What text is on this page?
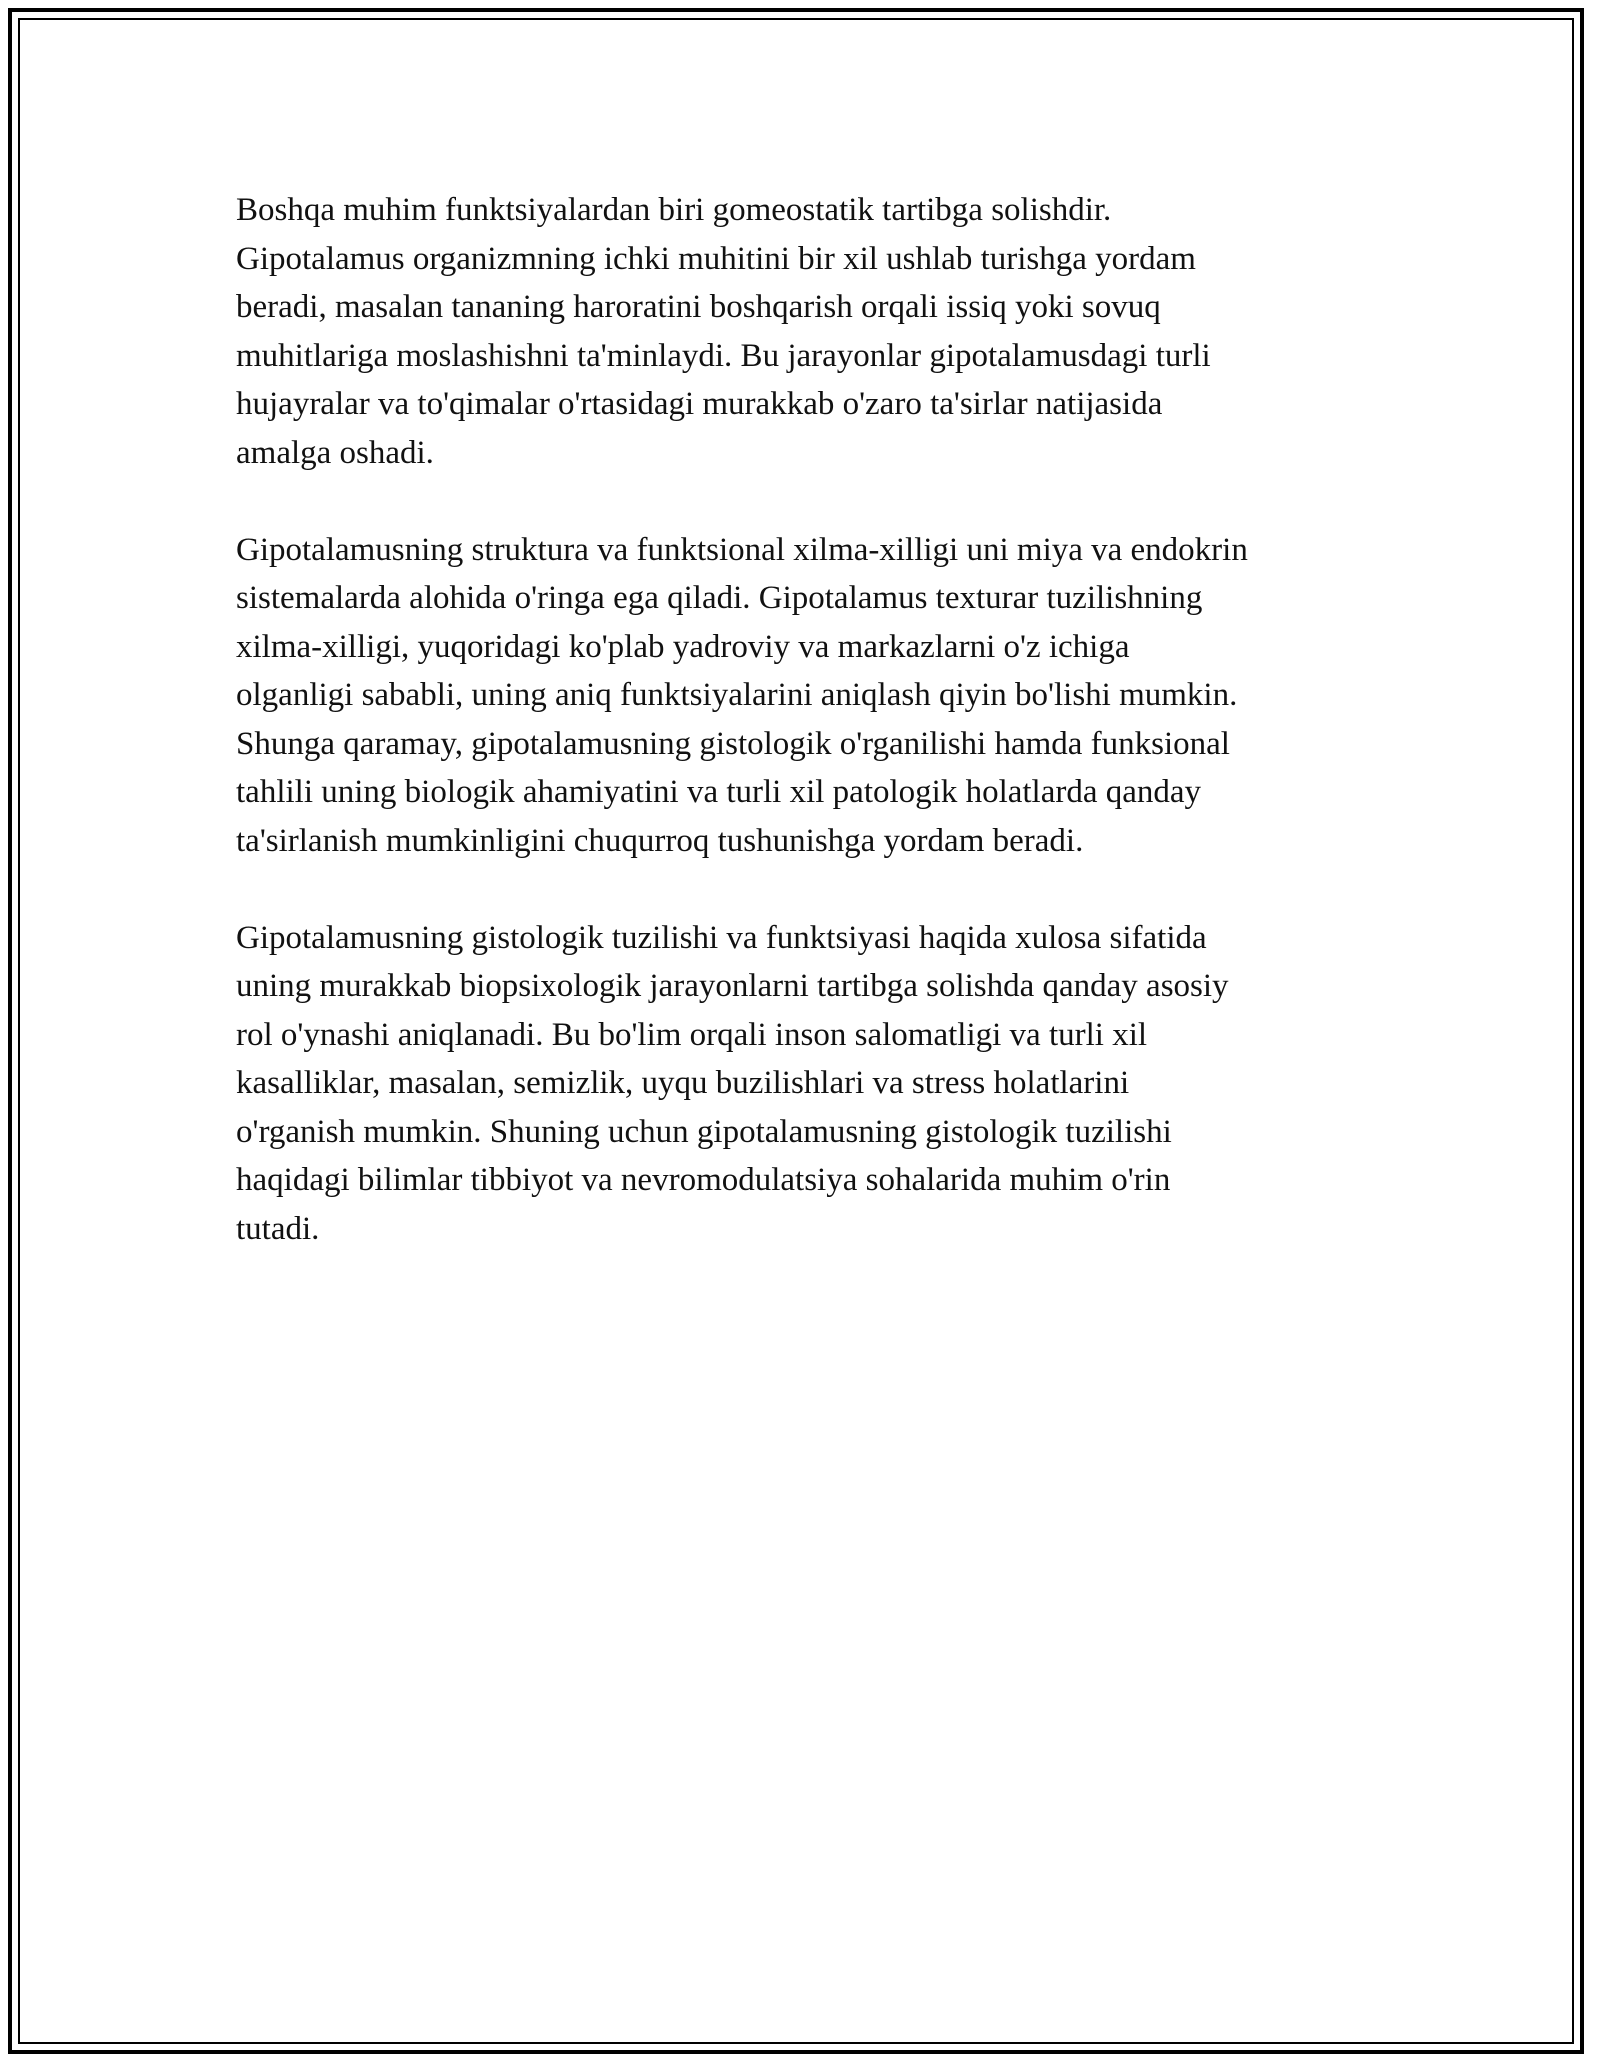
Boshqa muhim funktsiyalardan biri gomeostatik tartibga solishdir.
Gipotalamus organizmning ichki muhitini bir xil ushlab turishga yordam
beradi, masalan tananing haroratini boshqarish orqali issiq yoki sovuq
muhitlariga moslashishni ta'minlaydi. Bu jarayonlar gipotalamusdagi turli
hujayralar va to'qimalar o'rtasidagi murakkab o'zaro ta'sirlar natijasida
amalga oshadi.

Gipotalamusning struktura va funktsional xilma-xilligi uni miya va endokrin
sistemalarda alohida o'ringa ega qiladi. Gipotalamus texturar tuzilishning
xilma-xilligi, yuqoridagi ko'plab yadroviy va markazlarni o'z ichiga
olganligi sababli, uning aniq funktsiyalarini aniqlash qiyin bo'lishi mumkin.
Shunga qaramay, gipotalamusning gistologik o'rganilishi hamda funksional
tahlili uning biologik ahamiyatini va turli xil patologik holatlarda qanday
ta'sirlanish mumkinligini chuqurroq tushunishga yordam beradi.

Gipotalamusning gistologik tuzilishi va funktsiyasi haqida xulosa sifatida
uning murakkab biopsixologik jarayonlarni tartibga solishda qanday asosiy
rol o'ynashi aniqlanadi. Bu bo'lim orqali inson salomatligi va turli xil
kasalliklar, masalan, semizlik, uyqu buzilishlari va stress holatlarini
o'rganish mumkin. Shuning uchun gipotalamusning gistologik tuzilishi
haqidagi bilimlar tibbiyot va nevromodulatsiya sohalarida muhim o'rin
tutadi.
